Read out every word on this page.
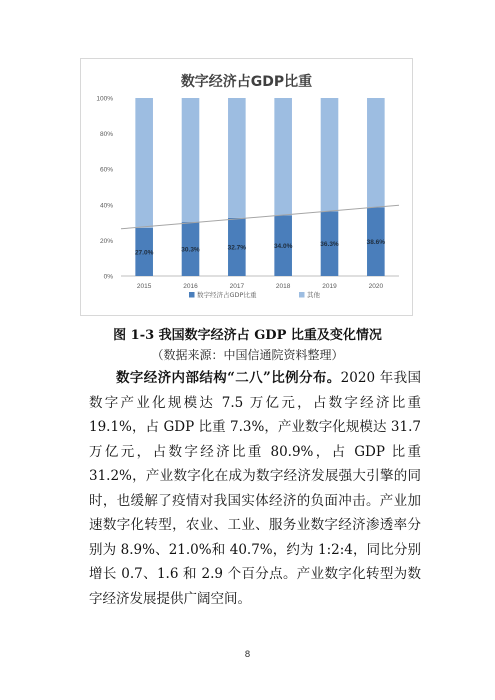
数字经济占GDP比重
0%
20%
40%
60%
80%
100%
27.0%
2015
30.3%
2016
32.7%
2017
34.0%
2018
36.3%
2019
38.6%
2020
数字经济占GDP比重	其他
图 1-3 我国数字经济占 GDP 比重及变化情况
（数据来源：中国信通院资料整理）

数字经济内部结构“二八”比例分布。2020 年我国数字产业化规模达 7.5 万亿元，占数字经济比重 19.1%，占 GDP 比重 7.3%，产业数字化规模达 31.7 万亿元，占数字经济比重 80.9%，占 GDP 比重 31.2%，产业数字化在成为数字经济发展强大引擎的同时，也缓解了疫情对我国实体经济的负面冲击。产业加速数字化转型，农业、工业、服务业数字经济渗透率分别为 8.9%、21.0%和 40.7%，约为 1:2:4，同比分别增长 0.7、1.6 和 2.9 个百分点。产业数字化转型为数字经济发展提供广阔空间。

8
